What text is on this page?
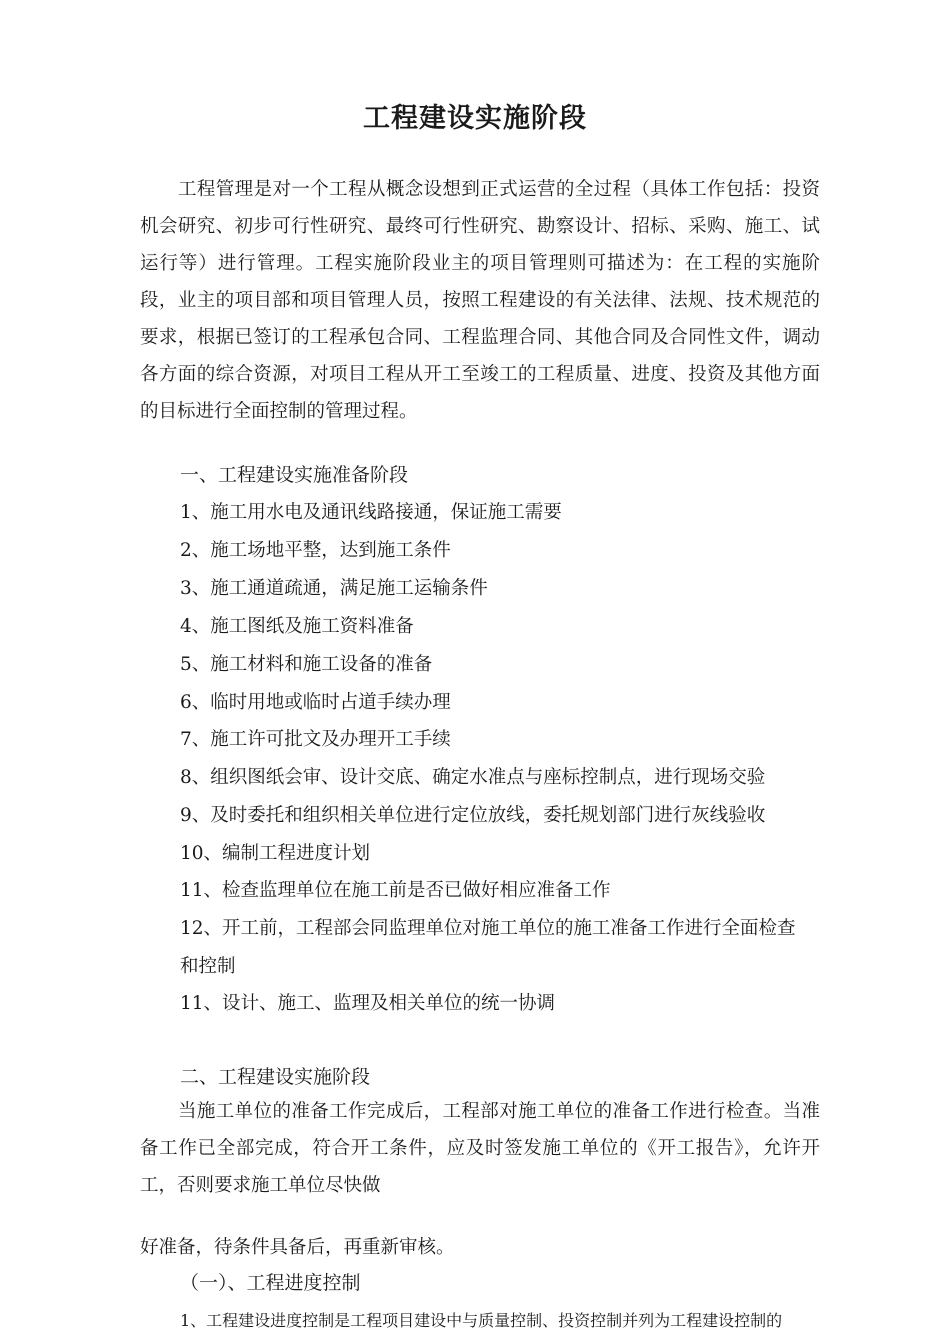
工程建设实施阶段

工程管理是对一个工程从概念设想到正式运营的全过程（具体工作包括：投资机会研究、初步可行性研究、最终可行性研究、勘察设计、招标、采购、施工、试运行等）进行管理。工程实施阶段业主的项目管理则可描述为：在工程的实施阶段，业主的项目部和项目管理人员，按照工程建设的有关法律、法规、技术规范的要求，根据已签订的工程承包合同、工程监理合同、其他合同及合同性文件，调动各方面的综合资源，对项目工程从开工至竣工的工程质量、进度、投资及其他方面的目标进行全面控制的管理过程。

一、工程建设实施准备阶段

1、施工用水电及通讯线路接通，保证施工需要

2、施工场地平整，达到施工条件

3、施工通道疏通，满足施工运输条件

4、施工图纸及施工资料准备

5、施工材料和施工设备的准备

6、临时用地或临时占道手续办理

7、施工许可批文及办理开工手续

8、组织图纸会审、设计交底、确定水准点与座标控制点，进行现场交验

9、及时委托和组织相关单位进行定位放线，委托规划部门进行灰线验收

10、编制工程进度计划

11、检查监理单位在施工前是否已做好相应准备工作

12、开工前，工程部会同监理单位对施工单位的施工准备工作进行全面检查

和控制

11、设计、施工、监理及相关单位的统一协调

二、工程建设实施阶段

当施工单位的准备工作完成后，工程部对施工单位的准备工作进行检查。当准备工作已全部完成，符合开工条件，应及时签发施工单位的《开工报告》，允许开工，否则要求施工单位尽快做

好准备，待条件具备后，再重新审核。

（一）、工程进度控制

1、工程建设进度控制是工程项目建设中与质量控制、投资控制并列为工程建设控制的
